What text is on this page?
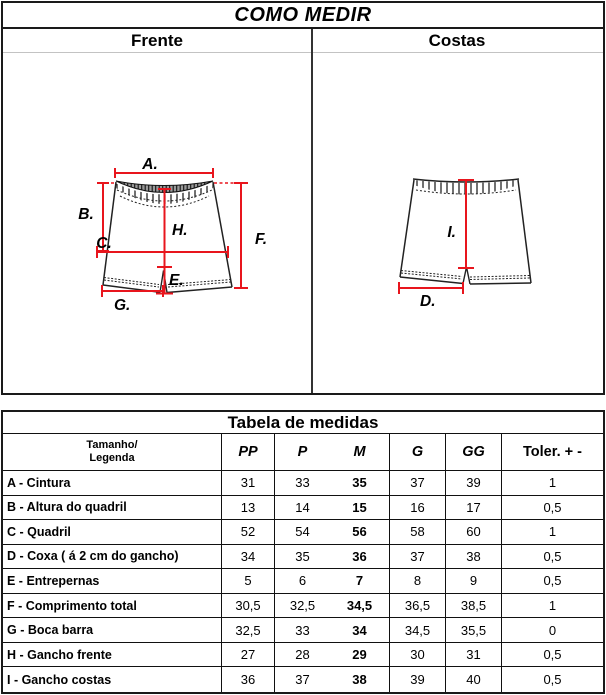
COMO MEDIR
Frente	Costas
A.
B.
C.
H.
E.
F.
G.
I.
D.
Tabela de medidas
Tamanho/
Legenda	PP	P	M	G	GG	Toler. + -
A - Cintura	31	33	35	37	39	1
B - Altura do quadril	13	14	15	16	17	0,5
C - Quadril	52	54	56	58	60	1
D - Coxa ( á 2 cm do gancho)	34	35	36	37	38	0,5
E - Entrepernas	5	6	7	8	9	0,5
F - Comprimento total	30,5	32,5	34,5	36,5	38,5	1
G - Boca barra	32,5	33	34	34,5	35,5	0
H - Gancho frente	27	28	29	30	31	0,5
I - Gancho costas	36	37	38	39	40	0,5
